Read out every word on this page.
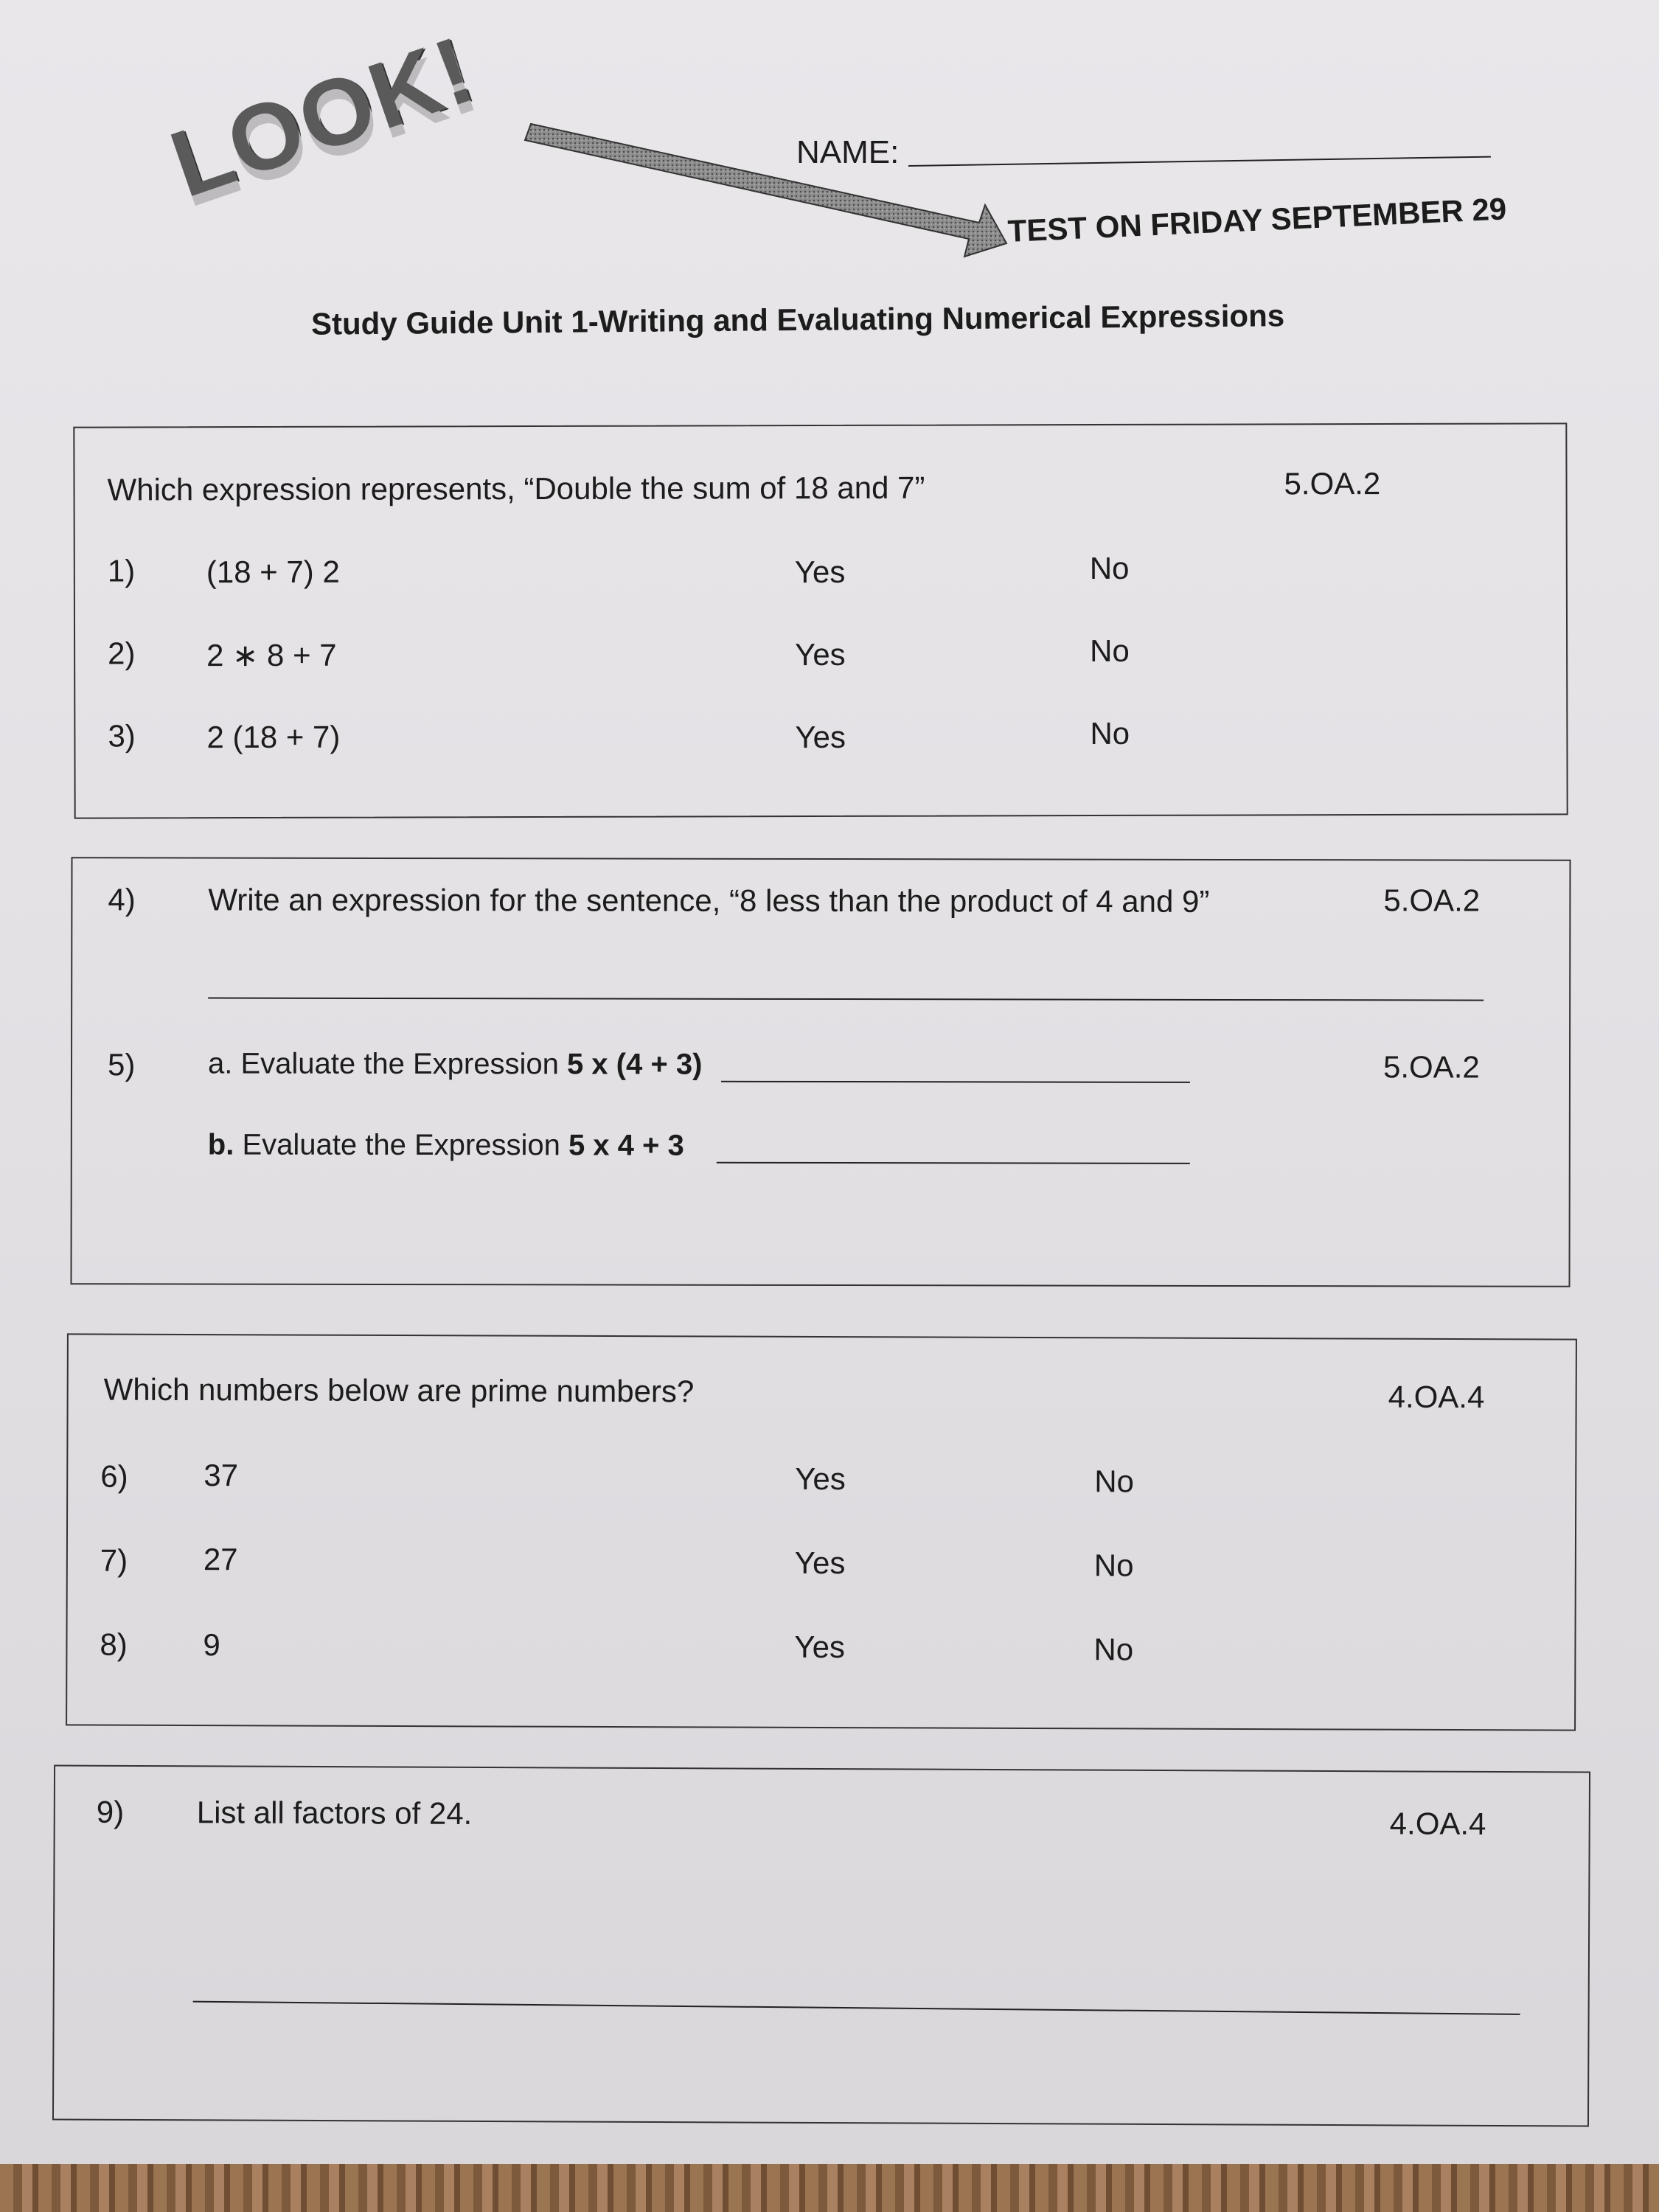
LOOK!	NAME:
TEST ON FRIDAY SEPTEMBER 29
Study Guide Unit 1-Writing and Evaluating Numerical Expressions
Which expression represents, “Double the sum of 18 and 7”	5.OA.2
1) (18 + 7) 2	Yes	No
2) 2 ∗ 8 + 7	Yes	No
3) 2 (18 + 7)	Yes	No
4) Write an expression for the sentence, “8 less than the product of 4 and 9”	5.OA.2
5) a. Evaluate the Expression 5 x (4 + 3)	5.OA.2
b. Evaluate the Expression 5 x 4 + 3
Which numbers below are prime numbers?	4.OA.4
6) 37	Yes	No
7) 27	Yes	No
8) 9	Yes	No
9) List all factors of 24.	4.OA.4
